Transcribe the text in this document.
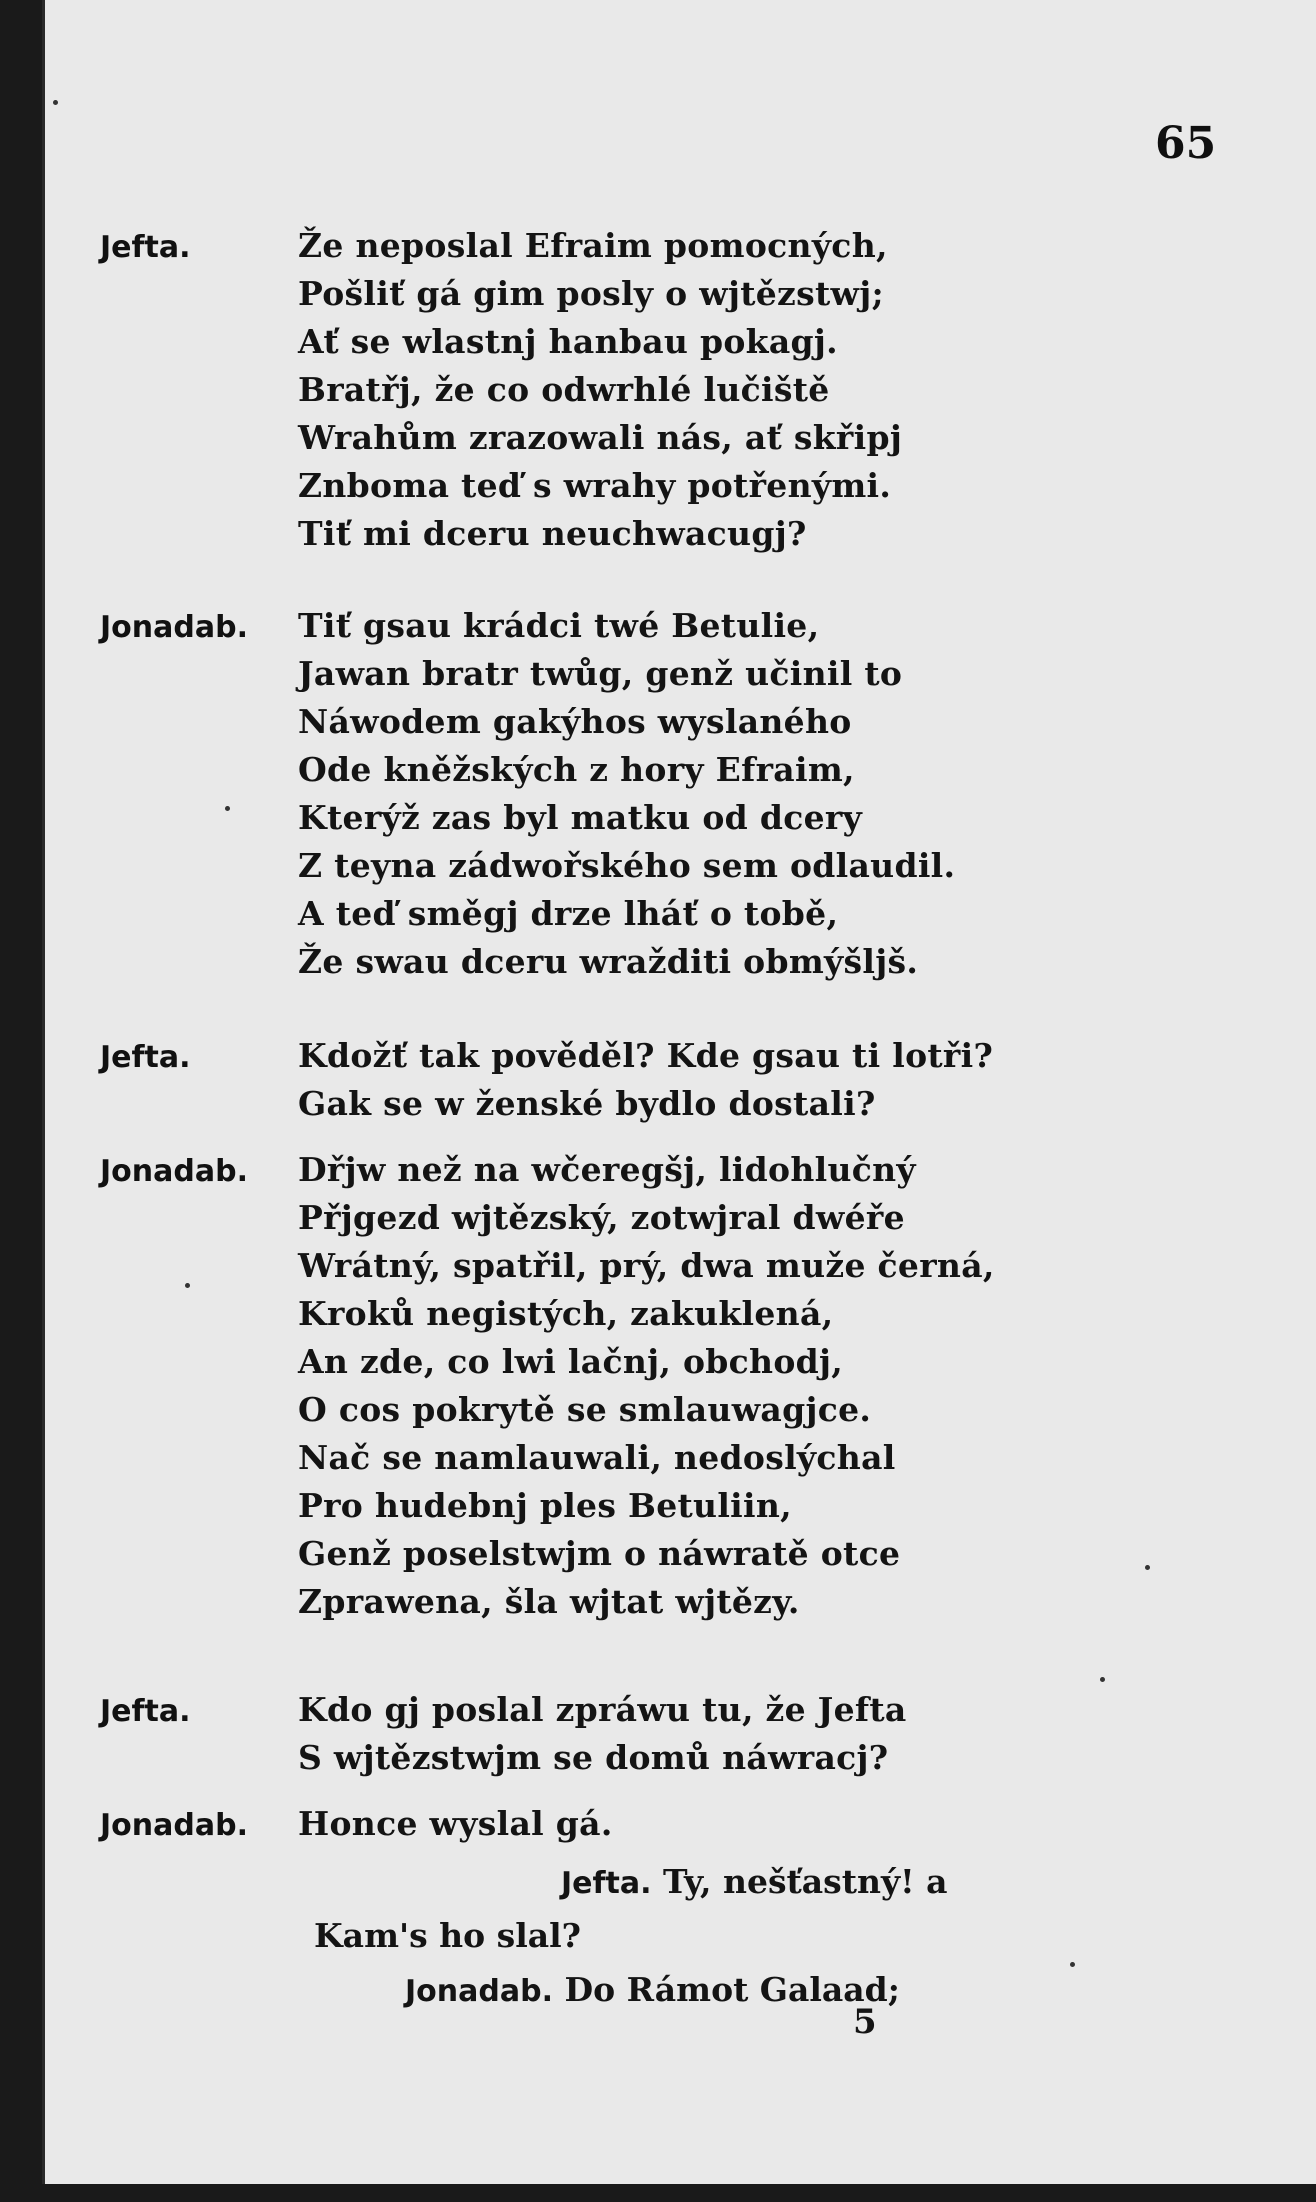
65
Jefta.	Že neposlal Efraim pomocných,
Pošliť gá gim posly o wjtězstwj;
Ať se wlastnj hanbau pokagj.
Bratřj, že co odwrhlé lučiště
Wrahům zrazowali nás, ať skřipj
Znboma teď s wrahy potřenými.
Tiť mi dceru neuchwacugj?
Jonadab. Tiť gsau krádci twé Betulie,
Jawan bratr twůg, genž učinil to
Náwodem gakýhos wyslaného
Ode kněžských z hory Efraim,
Kterýž zas byl matku od dcery
Z teyna zádwořského sem odlaudil.
A teď směgj drze lháť o tobě,
Že swau dceru wražditi obmýšljš.
Jefta.	Kdožť tak pověděl? Kde gsau ti lotři?
Gak se w ženské bydlo dostali?
Jonadab. Dřjw než na wčeregšj, lidohlučný
Přjgezd wjtězský, zotwjral dwéře
Wrátný, spatřil, prý, dwa muže černá,
Kroků negistých, zakuklená,
An zde, co lwi lačnj, obchodj,
O cos pokrytě se smlauwagjce.
Nač se namlauwali, nedoslýchal
Pro hudebnj ples Betuliin,
Genž poselstwjm o náwratě otce
Zprawena, šla wjtat wjtězy.
Jefta.	Kdo gj poslal zpráwu tu, že Jefta
S wjtězstwjm se domů náwracj?
Jonadab. Honce wyslal gá.
Jefta. Ty, nešťastný! a
Kam's ho slal?
Jonadab. Do Rámot Galaad;
5
